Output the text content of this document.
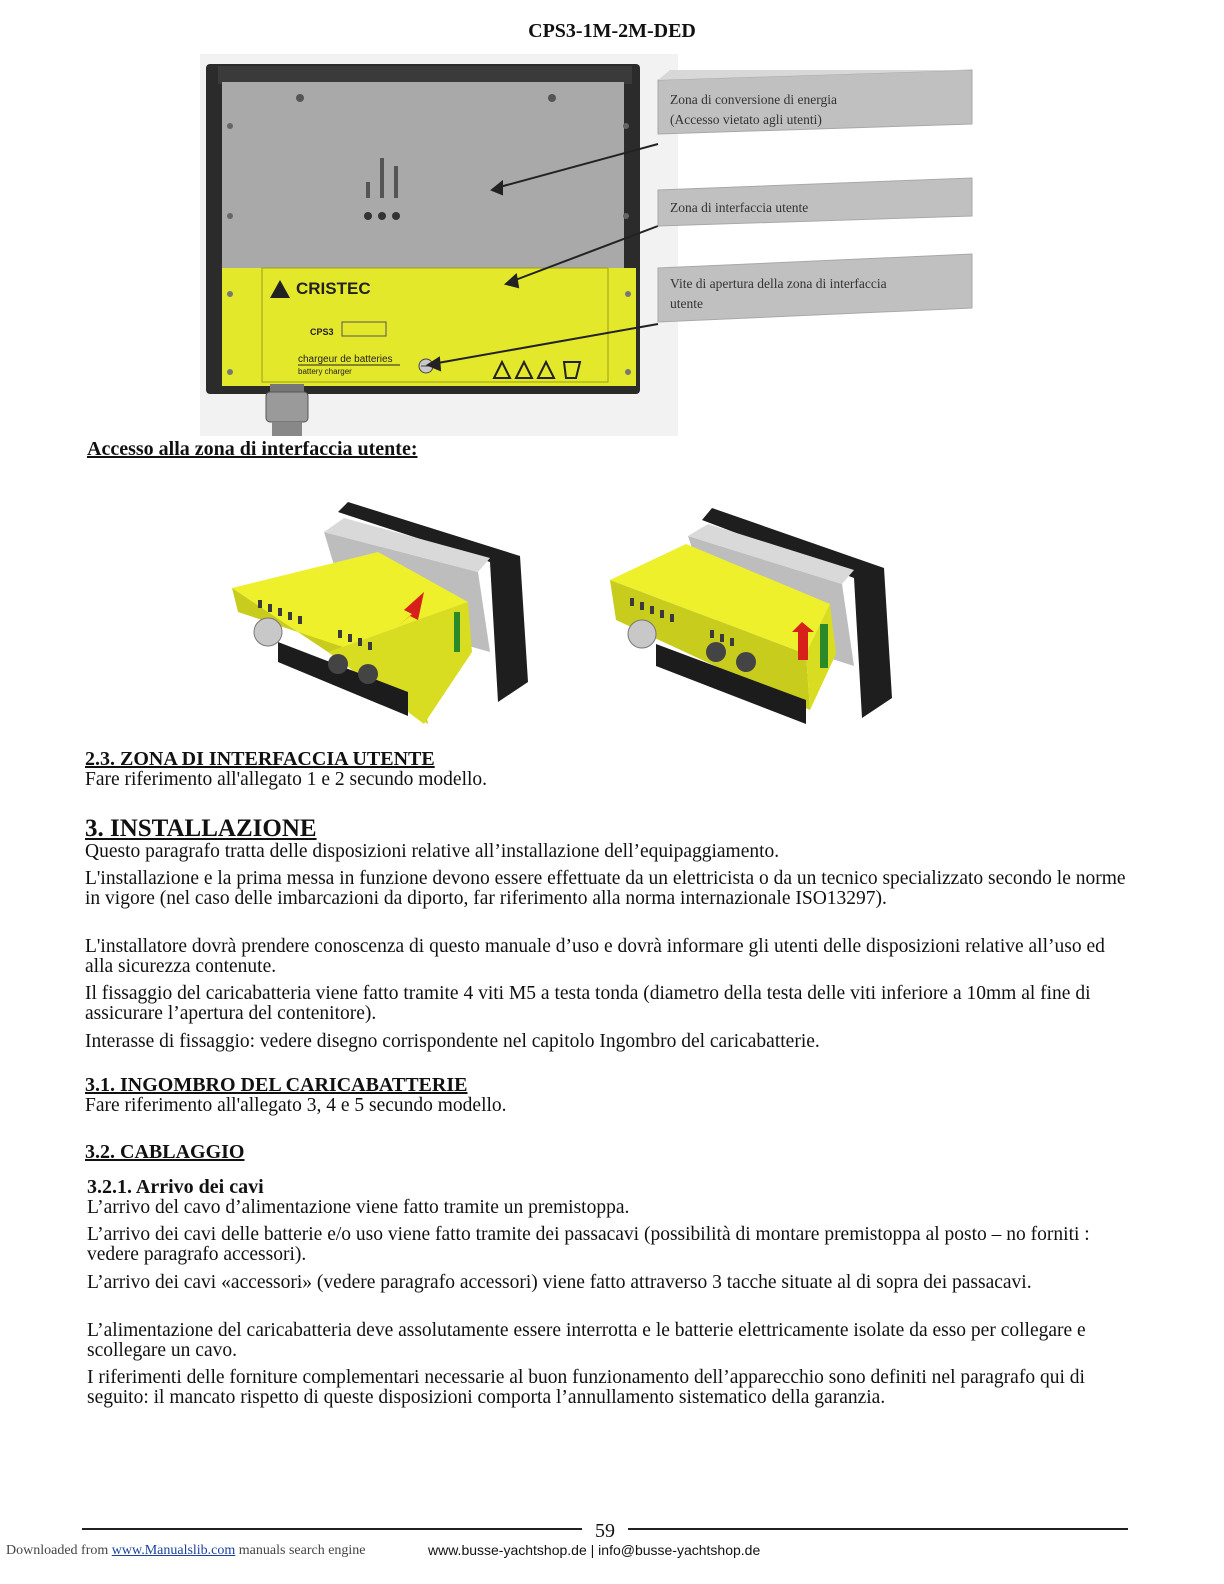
CPS3-1M-2M-DED
CRISTEC
CPS3
chargeur de batteries
battery charger
Zona di conversione di energia
(Accesso vietato agli utenti)
Zona di interfaccia utente
Vite di apertura della zona di interfaccia
utente
Accesso alla zona di interfaccia utente:
2.3. ZONA DI INTERFACCIA UTENTE
Fare riferimento all'allegato 1 e 2 secundo modello.
3. INSTALLAZIONE
Questo paragrafo tratta delle disposizioni relative all’installazione dell’equipaggiamento.
L'installazione e la prima messa in funzione devono essere effettuate da un elettricista o da un tecnico specializzato secondo le norme in vigore (nel caso delle imbarcazioni da diporto, far riferimento alla norma internazionale ISO13297).
L'installatore dovrà prendere conoscenza di questo manuale d’uso e dovrà informare gli utenti delle disposizioni relative all’uso ed alla sicurezza contenute.
Il fissaggio del caricabatteria viene fatto tramite 4 viti M5 a testa tonda (diametro della testa delle viti inferiore a 10mm al fine di assicurare l’apertura del contenitore).
Interasse di fissaggio: vedere disegno corrispondente nel capitolo Ingombro del caricabatterie.
3.1. INGOMBRO DEL CARICABATTERIE
Fare riferimento all'allegato 3, 4 e 5 secundo modello.
3.2. CABLAGGIO
3.2.1. Arrivo dei cavi
L’arrivo del cavo d’alimentazione viene fatto tramite un premistoppa.
L’arrivo dei cavi delle batterie e/o uso viene fatto tramite dei passacavi (possibilità di montare premistoppa al posto – no forniti : vedere paragrafo accessori).
L’arrivo dei cavi «accessori» (vedere paragrafo accessori) viene fatto attraverso 3 tacche situate al di sopra dei passacavi.
L’alimentazione del caricabatteria deve assolutamente essere interrotta e le batterie elettricamente isolate da esso per collegare e scollegare un cavo.
I riferimenti delle forniture complementari necessarie al buon funzionamento dell’apparecchio sono definiti nel paragrafo qui di seguito: il mancato rispetto di queste disposizioni comporta l’annullamento sistematico della garanzia.
59
Downloaded from www.Manualslib.com manuals search engine	www.busse-yachtshop.de | info@busse-yachtshop.de
